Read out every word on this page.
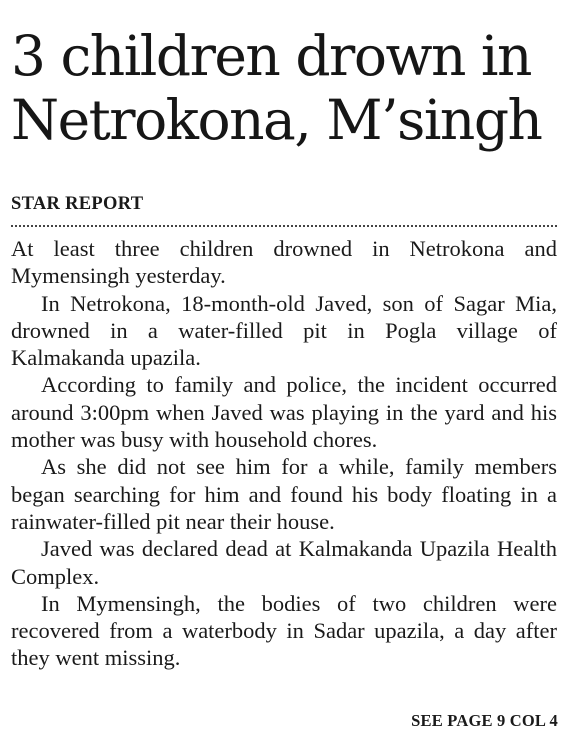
3 children drown in
Netrokona, M’singh
STAR REPORT

At least three children drowned in Netrokona and Mymensingh yesterday.

In Netrokona, 18-month-old Javed, son of Sagar Mia, drowned in a water-filled pit in Pogla village of Kalmakanda upazila.

According to family and police, the incident occurred around 3:00pm when Javed was playing in the yard and his mother was busy with household chores.

As she did not see him for a while, family members began searching for him and found his body floating in a rainwater-filled pit near their house.

Javed was declared dead at Kalmakanda Upazila Health Complex.

In Mymensingh, the bodies of two children were recovered from a waterbody in Sadar upazila, a day after they went missing.

SEE PAGE 9 COL 4
